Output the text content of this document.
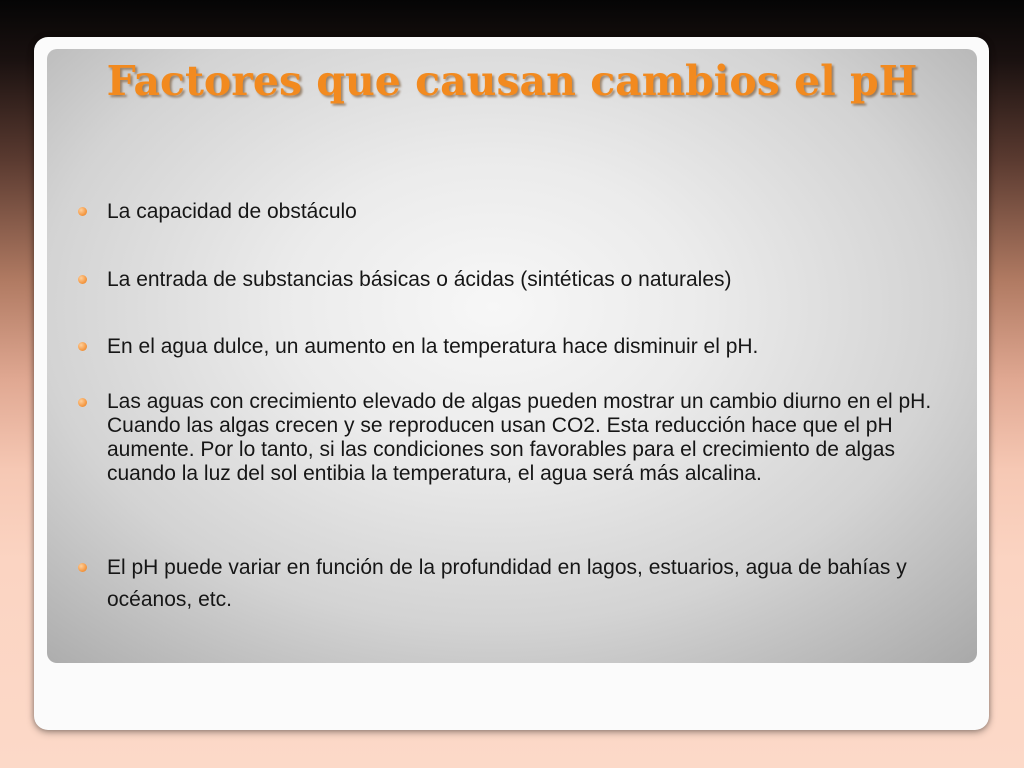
Factores que causan cambios el pH
La capacidad de obstáculo
La entrada de substancias básicas o ácidas (sintéticas o naturales)
En el agua dulce, un aumento en la temperatura hace disminuir el pH.
Las aguas con crecimiento elevado de algas pueden mostrar un cambio diurno en el pH. Cuando las algas crecen y se reproducen usan CO2. Esta reducción hace que el pH aumente. Por lo tanto, si las condiciones son favorables para el crecimiento de algas cuando la luz del sol entibia la temperatura, el agua será más alcalina.
El pH puede variar en función de la profundidad en lagos, estuarios, agua de bahías y océanos, etc.
